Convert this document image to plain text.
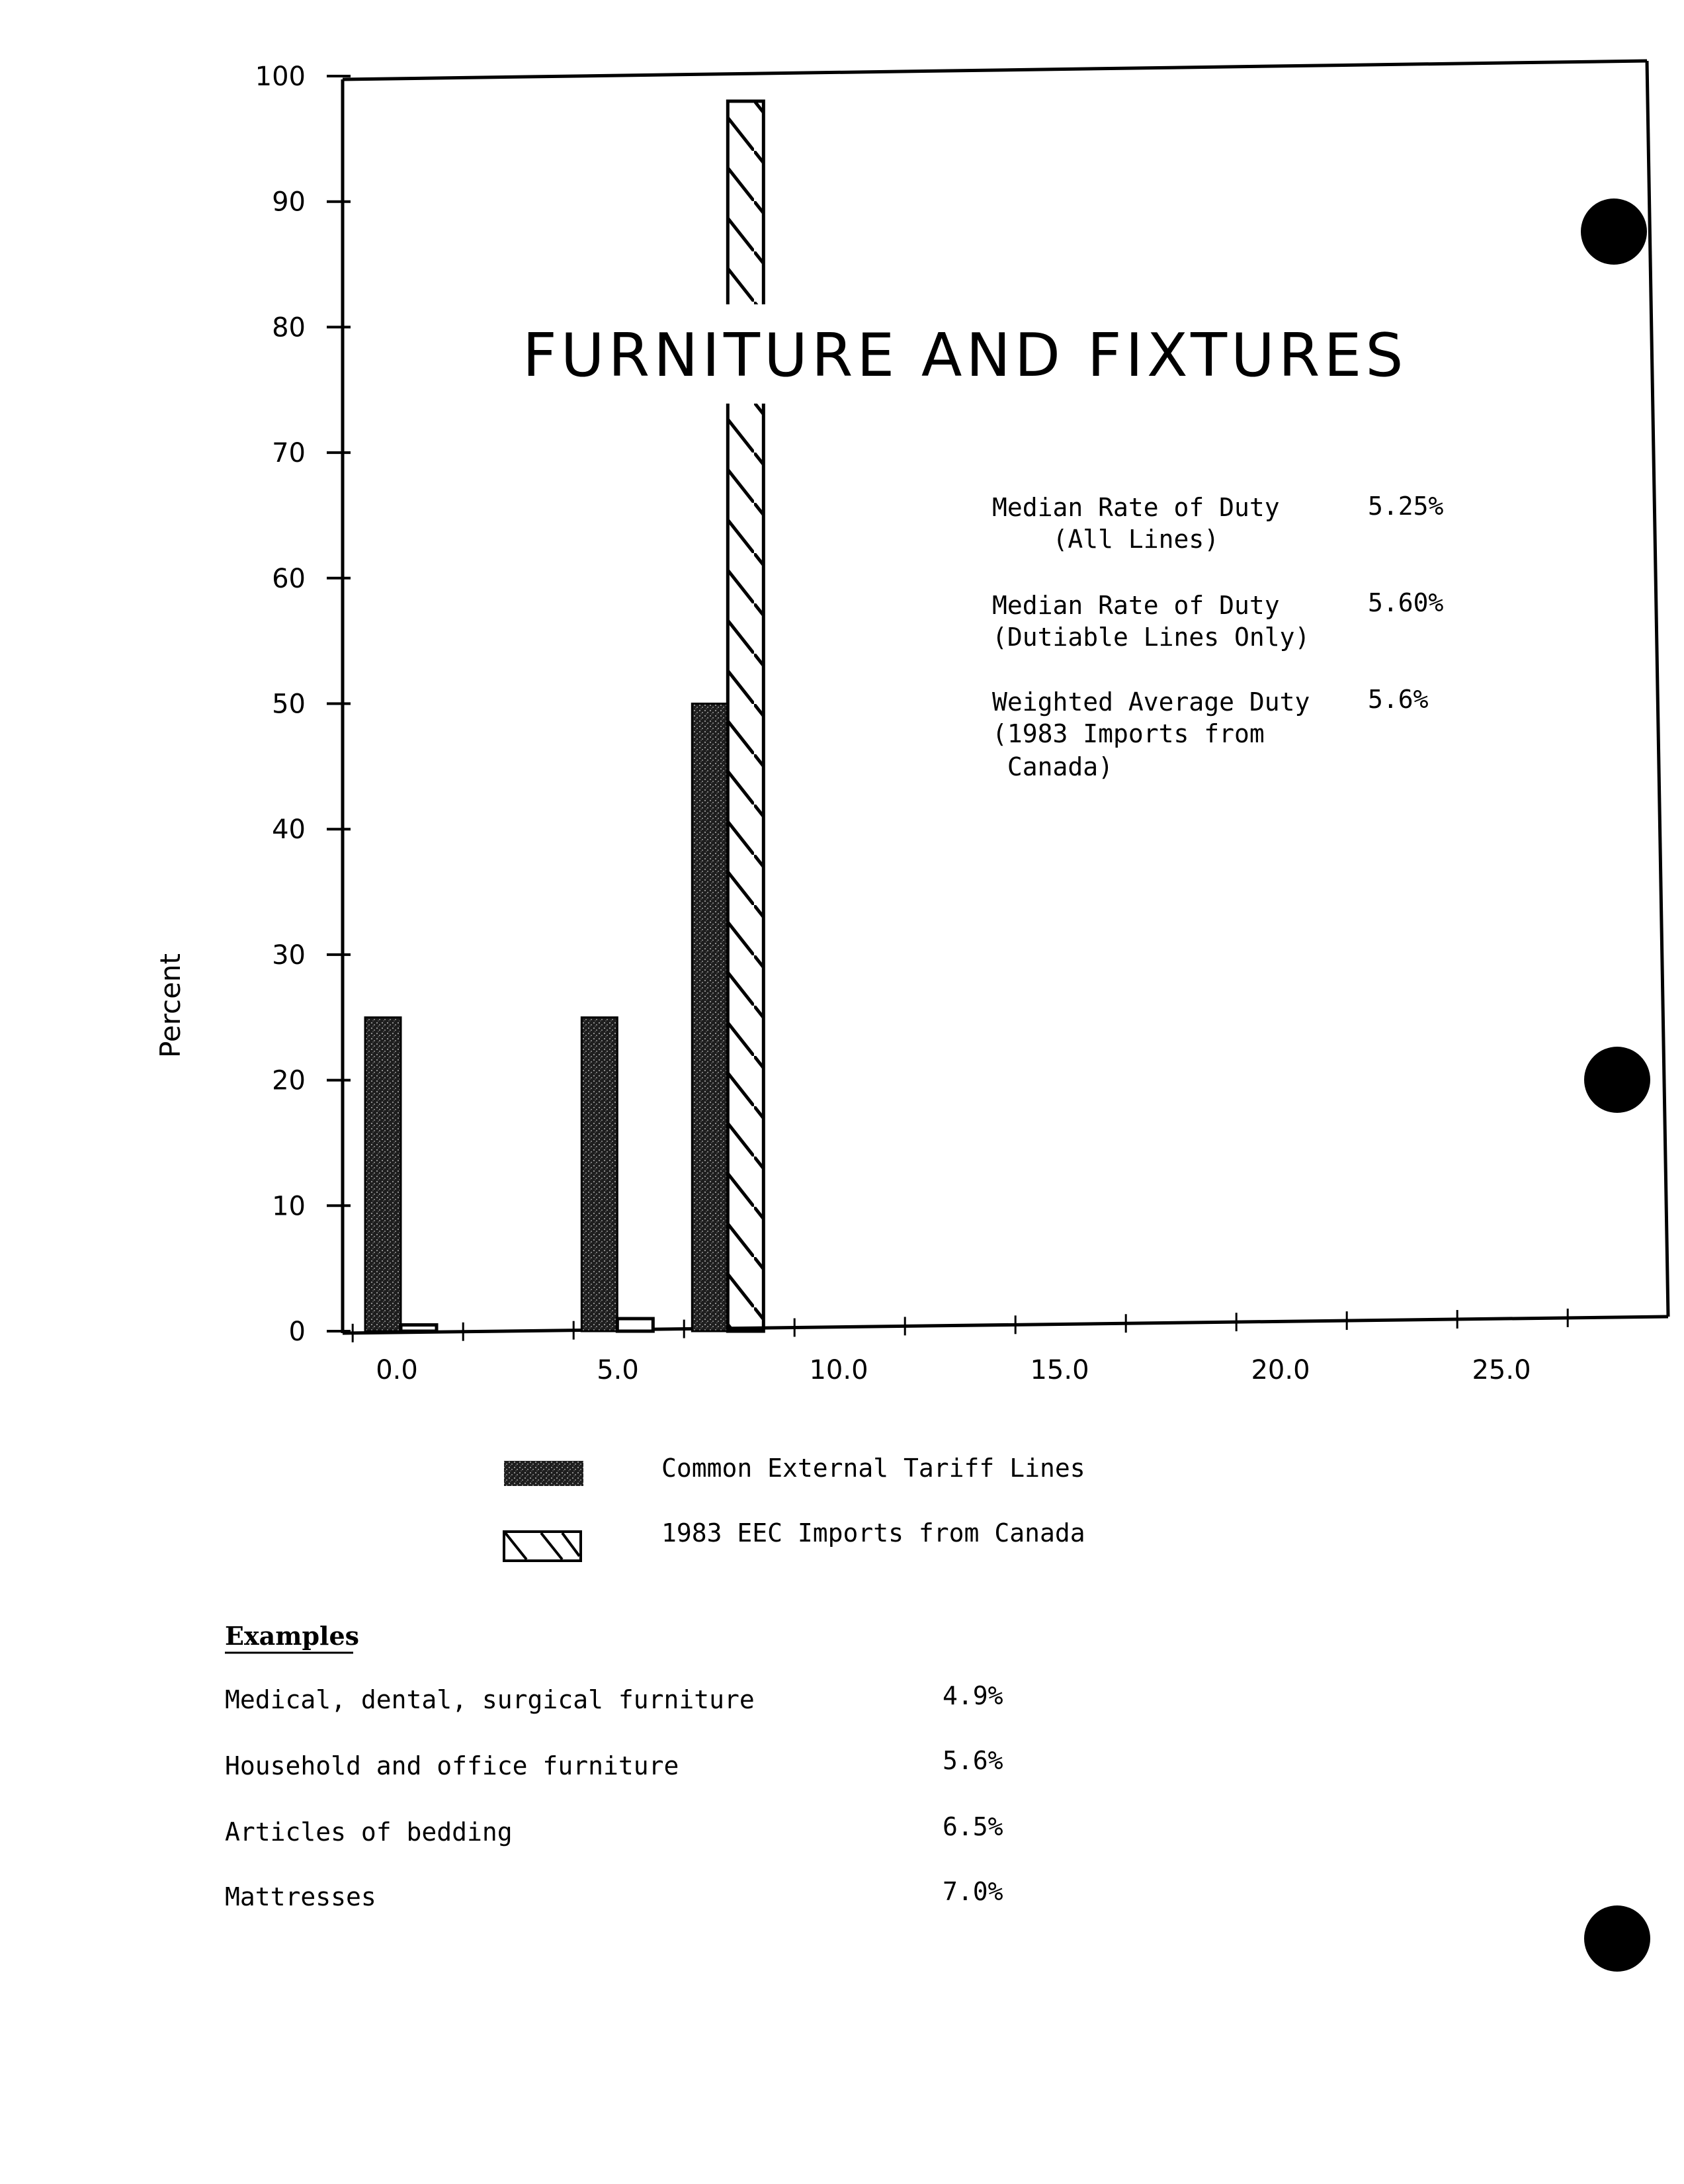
0
10
20
30
40
50
60
70
80
90
100
0.0	5.0	10.0	15.0	20.0	25.0
FURNITURE AND FIXTURES
Percent
Median Rate of Duty
(All Lines)
5.25%
Median Rate of Duty
(Dutiable Lines Only)
5.60%
Weighted Average Duty
(1983 Imports from
Canada)
5.6%
Common External Tariff Lines
1983 EEC Imports from Canada
Examples
Medical, dental, surgical furniture	4.9%
Household and office furniture	5.6%
Articles of bedding	6.5%
Mattresses	7.0%
